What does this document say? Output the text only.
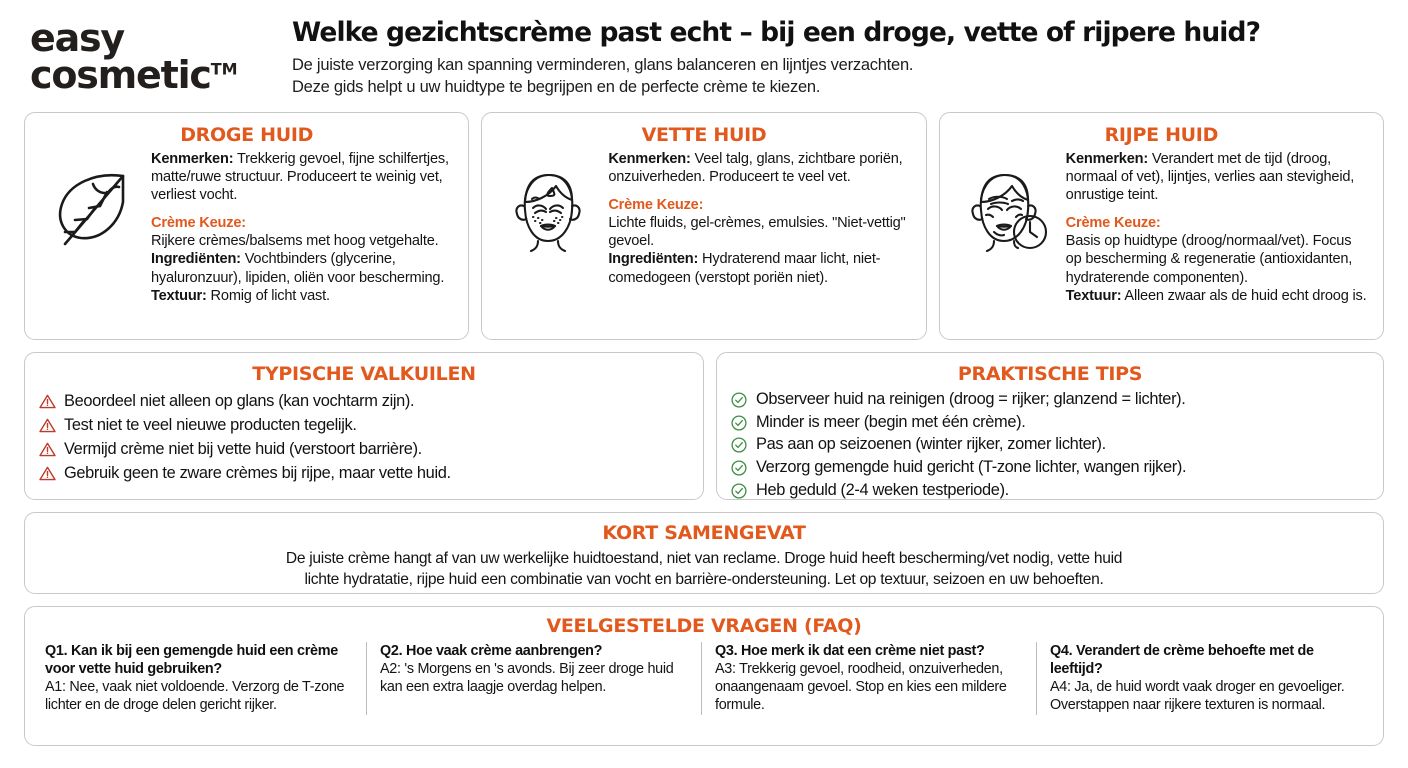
easy
cosmetic™
Welke gezichtscrème past echt – bij een droge, vette of rijpere huid?
De juiste verzorging kan spanning verminderen, glans balanceren en lijntjes verzachten.
Deze gids helpt u uw huidtype te begrijpen en de perfecte crème te kiezen.
DROGE HUID

Kenmerken: Trekkerig gevoel, fijne schilfertjes, matte/ruwe structuur. Produceert te weinig vet, verliest vocht.

Crème Keuze:

Rijkere crèmes/balsems met hoog vetgehalte.

Ingrediënten: Vochtbinders (glycerine, hyaluronzuur), lipiden, oliën voor bescherming.

Textuur: Romig of licht vast.

VETTE HUID

Kenmerken: Veel talg, glans, zichtbare poriën, onzuiverheden. Produceert te veel vet.

Crème Keuze:

Lichte fluids, gel-crèmes, emulsies. "Niet-vettig" gevoel.

Ingrediënten: Hydraterend maar licht, niet-comedogeen (verstopt poriën niet).

RIJPE HUID

Kenmerken: Verandert met de tijd (droog, normaal of vet), lijntjes, verlies aan stevigheid, onrustige teint.

Crème Keuze:

Basis op huidtype (droog/normaal/vet). Focus op bescherming & regeneratie (antioxidanten, hydraterende componenten).

Textuur: Alleen zwaar als de huid echt droog is.

TYPISCHE VALKUILEN
Beoordeel niet alleen op glans (kan vochtarm zijn).
Test niet te veel nieuwe producten tegelijk.
Vermijd crème niet bij vette huid (verstoort barrière).
Gebruik geen te zware crèmes bij rijpe, maar vette huid.
PRAKTISCHE TIPS
Observeer huid na reinigen (droog = rijker; glanzend = lichter).
Minder is meer (begin met één crème).
Pas aan op seizoenen (winter rijker, zomer lichter).
Verzorg gemengde huid gericht (T-zone lichter, wangen rijker).
Heb geduld (2-4 weken testperiode).
KORT SAMENGEVAT
De juiste crème hangt af van uw werkelijke huidtoestand, niet van reclame. Droge huid heeft bescherming/vet nodig, vette huid
lichte hydratatie, rijpe huid een combinatie van vocht en barrière-ondersteuning. Let op textuur, seizoen en uw behoeften.
VEELGESTELDE VRAGEN (FAQ)
Q1. Kan ik bij een gemengde huid een crème voor vette huid gebruiken?
A1: Nee, vaak niet voldoende. Verzorg de T-zone lichter en de droge delen gericht rijker.
Q2. Hoe vaak crème aanbrengen?
A2: 's Morgens en 's avonds. Bij zeer droge huid kan een extra laagje overdag helpen.
Q3. Hoe merk ik dat een crème niet past?
A3: Trekkerig gevoel, roodheid, onzuiverheden, onaangenaam gevoel. Stop en kies een mildere formule.
Q4. Verandert de crème behoefte met de leeftijd?
A4: Ja, de huid wordt vaak droger en gevoeliger. Overstappen naar rijkere texturen is normaal.
